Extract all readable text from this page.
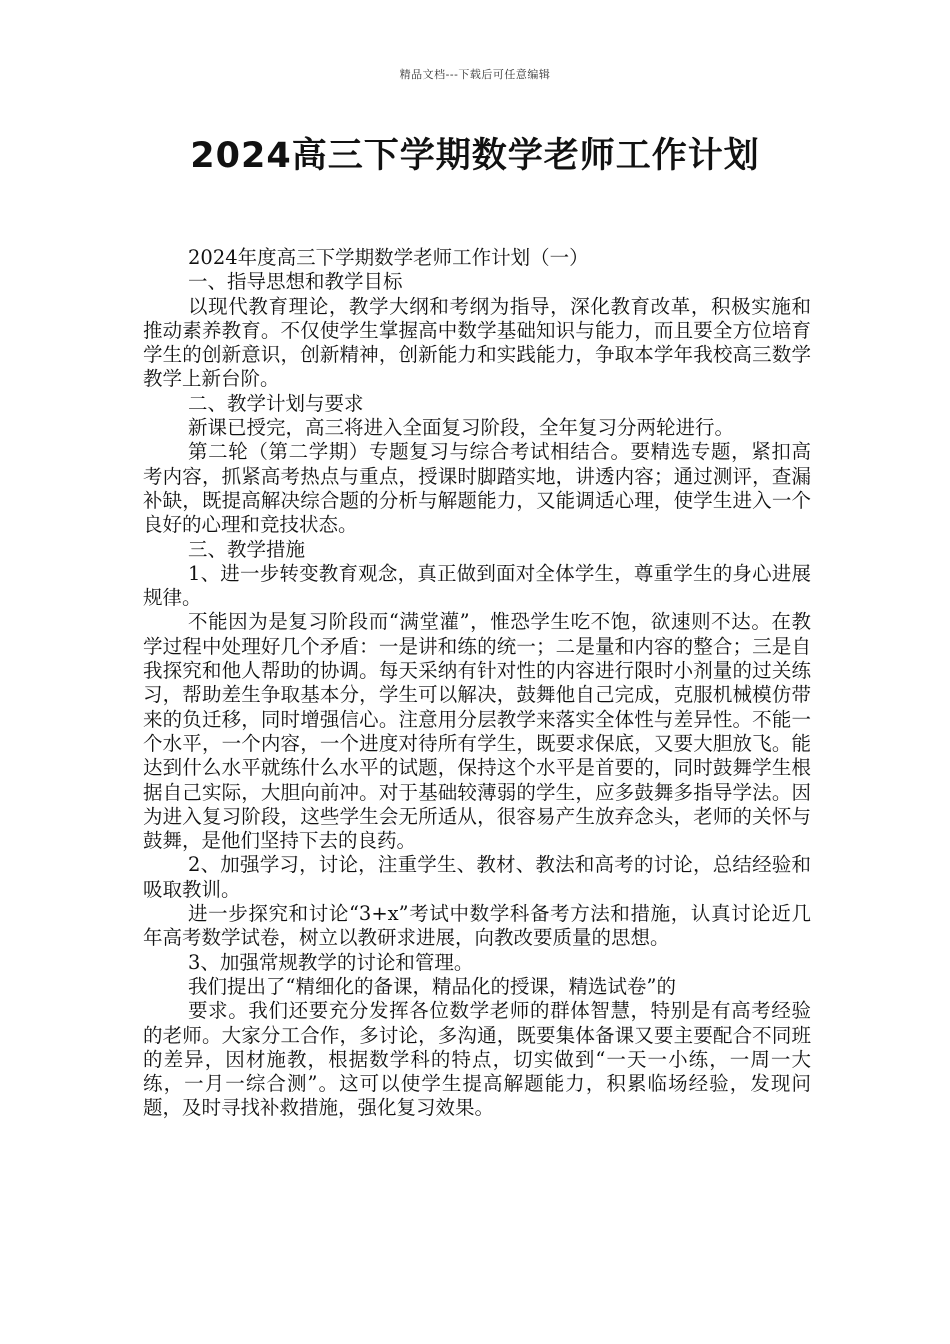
精品文档---下载后可任意编辑
2024高三下学期数学老师工作计划

2024年度高三下学期数学老师工作计划（一）

一、指导思想和教学目标

以现代教育理论，教学大纲和考纲为指导，深化教育改革，积极实施和推动素养教育。不仅使学生掌握高中数学基础知识与能力，而且要全方位培育学生的创新意识，创新精神，创新能力和实践能力，争取本学年我校高三数学教学上新台阶。

二、教学计划与要求

新课已授完，高三将进入全面复习阶段，全年复习分两轮进行。

第二轮（第二学期）专题复习与综合考试相结合。要精选专题，紧扣高考内容，抓紧高考热点与重点，授课时脚踏实地，讲透内容；通过测评，查漏补缺，既提高解决综合题的分析与解题能力，又能调适心理，使学生进入一个良好的心理和竞技状态。

三、教学措施

1、进一步转变教育观念，真正做到面对全体学生，尊重学生的身心进展规律。

不能因为是复习阶段而“满堂灌”，惟恐学生吃不饱，欲速则不达。在教学过程中处理好几个矛盾：一是讲和练的统一；二是量和内容的整合；三是自我探究和他人帮助的协调。每天采纳有针对性的内容进行限时小剂量的过关练习，帮助差生争取基本分，学生可以解决，鼓舞他自己完成，克服机械模仿带来的负迁移，同时增强信心。注意用分层教学来落实全体性与差异性。不能一个水平，一个内容，一个进度对待所有学生，既要求保底，又要大胆放飞。能达到什么水平就练什么水平的试题，保持这个水平是首要的，同时鼓舞学生根据自己实际，大胆向前冲。对于基础较薄弱的学生，应多鼓舞多指导学法。因为进入复习阶段，这些学生会无所适从，很容易产生放弃念头，老师的关怀与鼓舞，是他们坚持下去的良药。

2、加强学习，讨论，注重学生、教材、教法和高考的讨论，总结经验和吸取教训。

进一步探究和讨论“3+x”考试中数学科备考方法和措施，认真讨论近几年高考数学试卷，树立以教研求进展，向教改要质量的思想。

3、加强常规教学的讨论和管理。

我们提出了“精细化的备课，精品化的授课，精选试卷”的

要求。我们还要充分发挥各位数学老师的群体智慧，特别是有高考经验的老师。大家分工合作，多讨论，多沟通，既要集体备课又要主要配合不同班的差异，因材施教，根据数学科的特点，切实做到“一天一小练，一周一大练，一月一综合测”。这可以使学生提高解题能力，积累临场经验，发现问题，及时寻找补救措施，强化复习效果。
